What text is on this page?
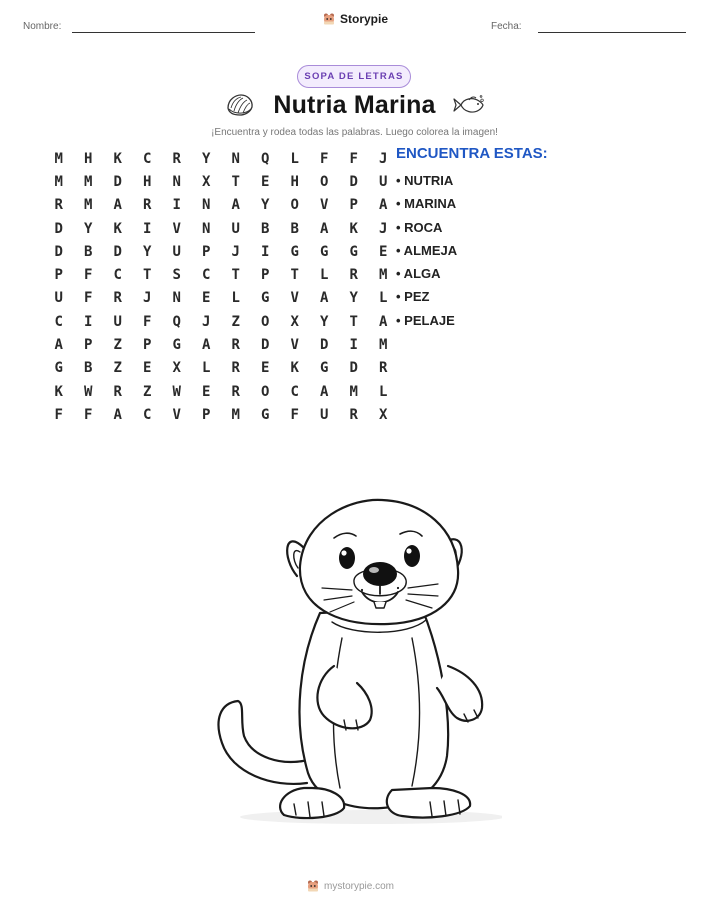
Nombre:
Storypie
Fecha:
SOPA DE LETRAS
Nutria Marina
¡Encuentra y rodea todas las palabras. Luego colorea la imagen!
M	H	K	C	R	Y	N	Q	L	F	F	J
M	M	D	H	N	X	T	E	H	O	D	U
R	M	A	R	I	N	A	Y	O	V	P	A
D	Y	K	I	V	N	U	B	B	A	K	J
D	B	D	Y	U	P	J	I	G	G	G	E
P	F	C	T	S	C	T	P	T	L	R	M
U	F	R	J	N	E	L	G	V	A	Y	L
C	I	U	F	Q	J	Z	O	X	Y	T	A
A	P	Z	P	G	A	R	D	V	D	I	M
G	B	Z	E	X	L	R	E	K	G	D	R
K	W	R	Z	W	E	R	O	C	A	M	L
F	F	A	C	V	P	M	G	F	U	R	X
ENCUENTRA ESTAS:
• NUTRIA
• MARINA
• ROCA
• ALMEJA
• ALGA
• PEZ
• PELAJE
mystorypie.com
